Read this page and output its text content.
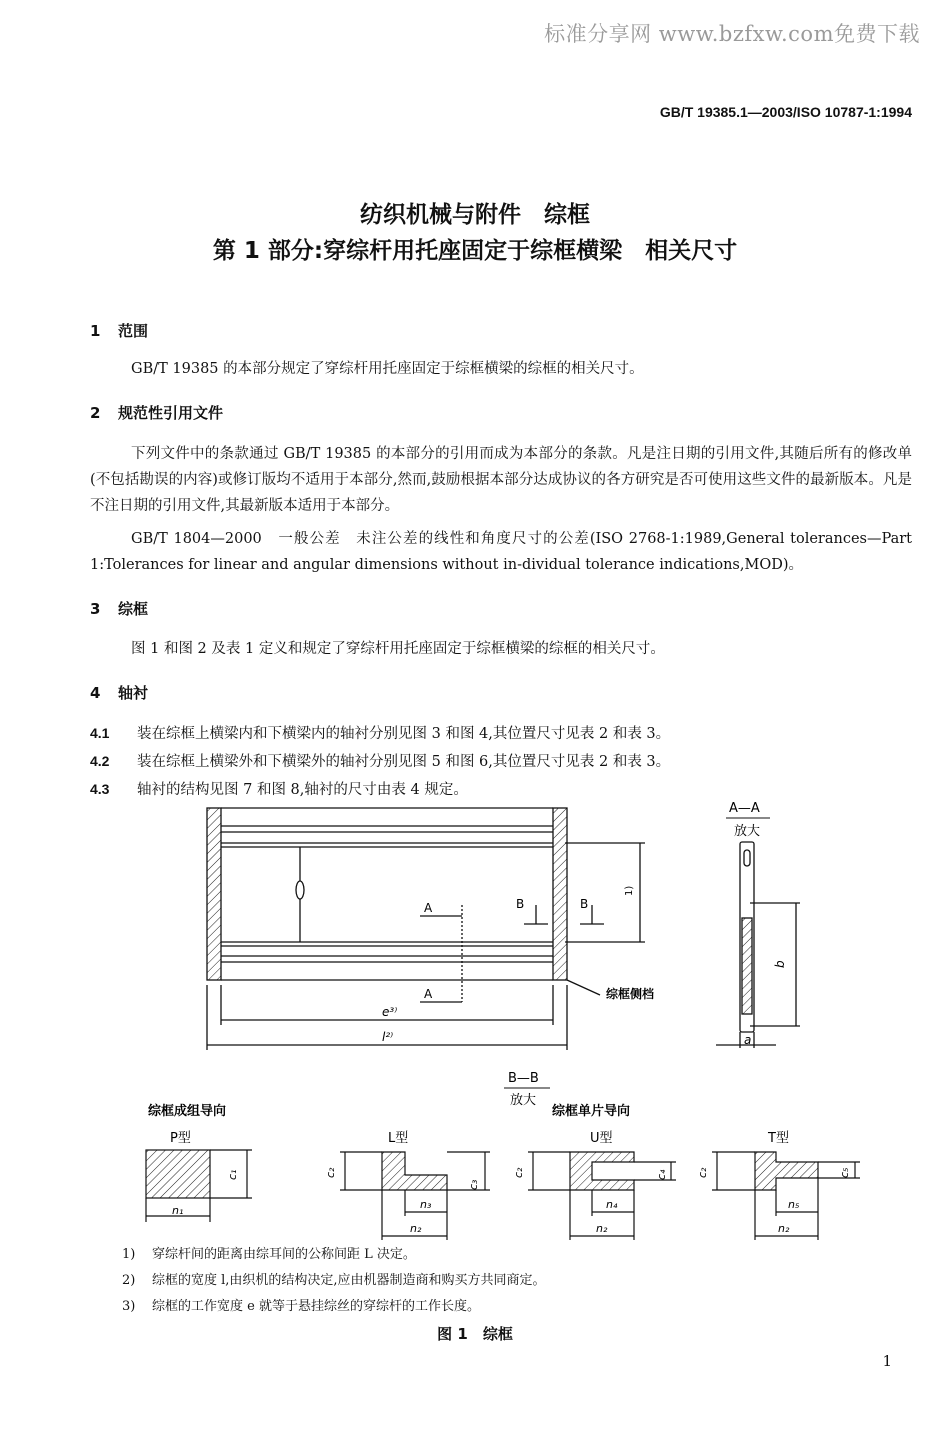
标准分享网 www.bzfxw.com免费下载
GB/T 19385.1—2003/ISO 10787-1:1994
纺织机械与附件　综框
第 1 部分:穿综杆用托座固定于综框横梁　相关尺寸
1 范围
GB/T 19385 的本部分规定了穿综杆用托座固定于综框横梁的综框的相关尺寸。
2 规范性引用文件
下列文件中的条款通过 GB/T 19385 的本部分的引用而成为本部分的条款。凡是注日期的引用文件,其随后所有的修改单(不包括勘误的内容)或修订版均不适用于本部分,然而,鼓励根据本部分达成协议的各方研究是否可使用这些文件的最新版本。凡是不注日期的引用文件,其最新版本适用于本部分。
GB/T 1804—2000　一般公差　未注公差的线性和角度尺寸的公差(ISO 2768-1:1989,General tolerances—Part 1:Tolerances for linear and angular dimensions without in-dividual tolerance indications,MOD)。
3 综框
图 1 和图 2 及表 1 定义和规定了穿综杆用托座固定于综框横梁的综框的相关尺寸。
4 轴衬
4.1 装在综框上横梁内和下横梁内的轴衬分别见图 3 和图 4,其位置尺寸见表 2 和表 3。
4.2 装在综框上横梁外和下横梁外的轴衬分别见图 5 和图 6,其位置尺寸见表 2 和表 3。
4.3 轴衬的结构见图 7 和图 8,轴衬的尺寸由表 4 规定。
A
A
B	B
1)
e³⁾
l²⁾
综框侧档
A—A
放大
b
a
B—B
放大
综框成组导向	综框单片导向
P型
c₁
n₁
L型
c₂
c₃
n₃
n₂
U型
c₂	c₄
n₄
n₂
T型
c₂	c₅
n₅
n₂
1) 穿综杆间的距离由综耳间的公称间距 L 决定。
2) 综框的宽度 l,由织机的结构决定,应由机器制造商和购买方共同商定。
3) 综框的工作宽度 e 就等于悬挂综丝的穿综杆的工作长度。
图 1　综框
1
